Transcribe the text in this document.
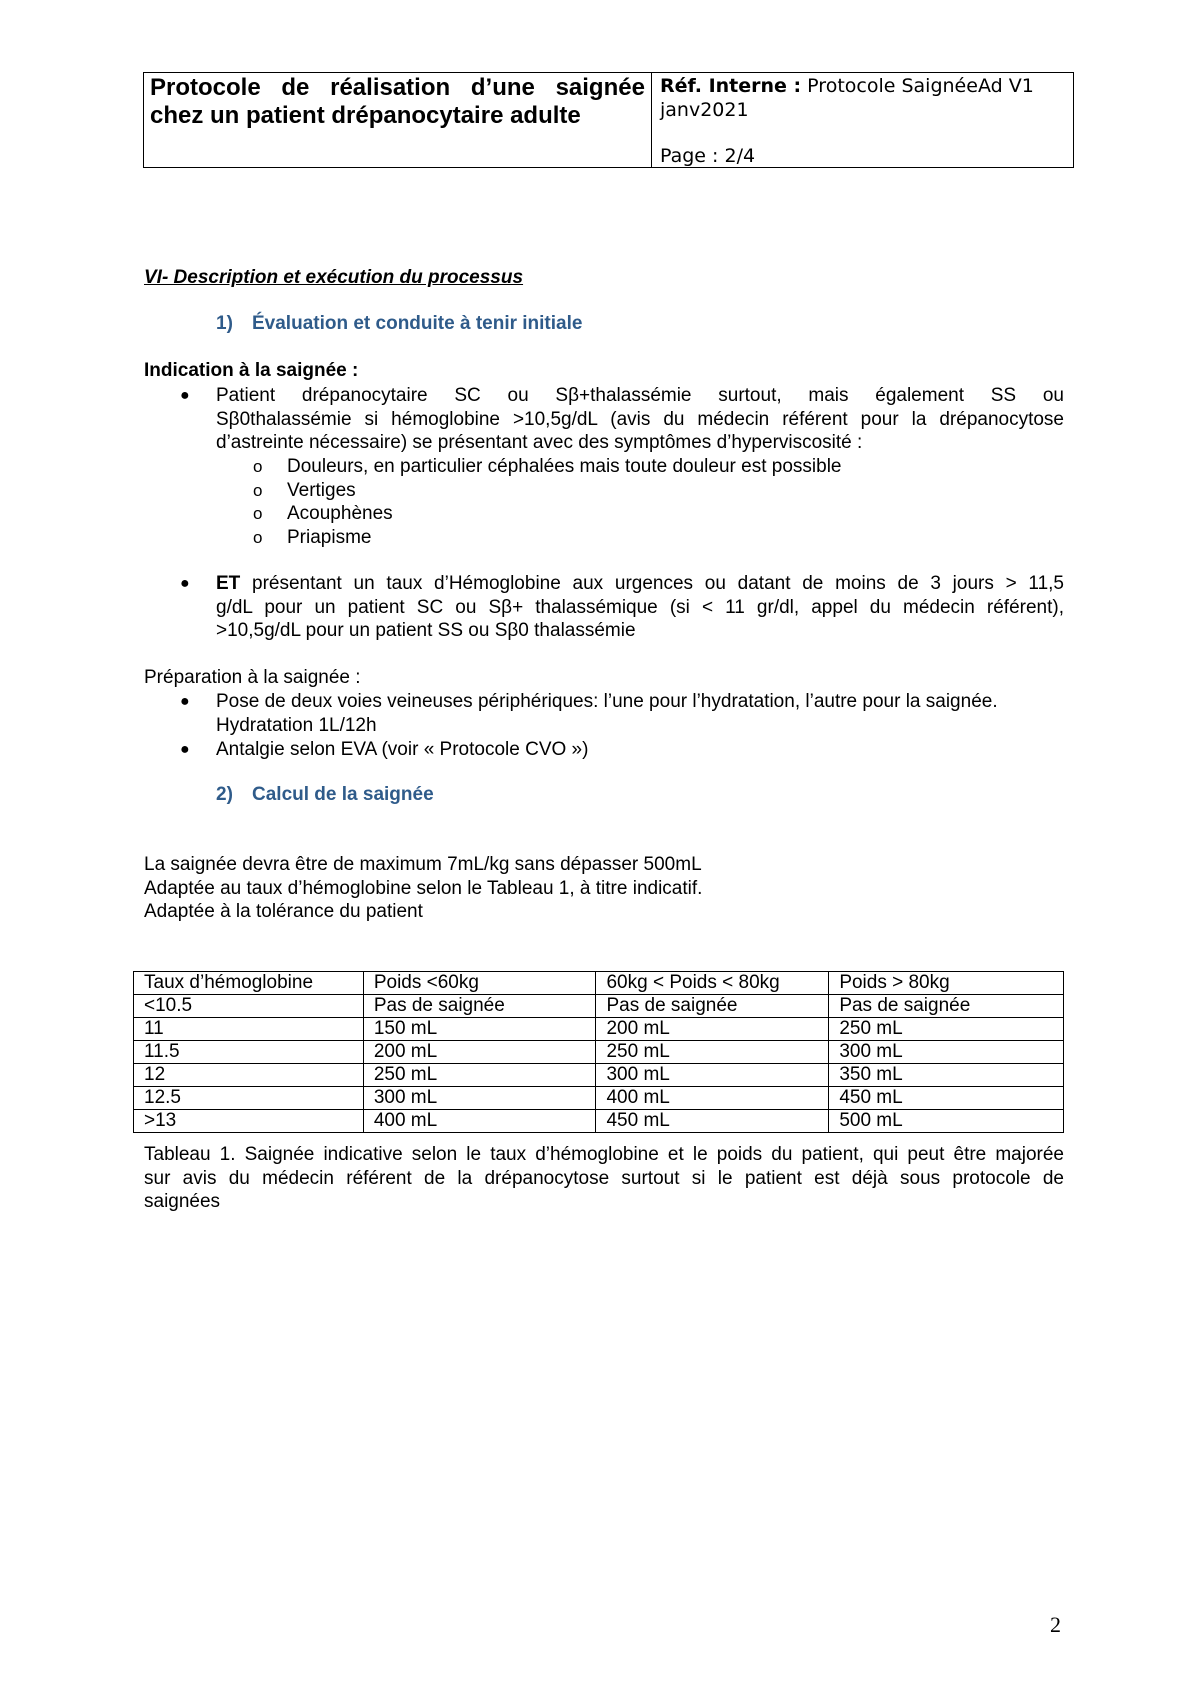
Protocole de réalisation d’une saignée
chez un patient drépanocytaire adulte
Réf. Interne : Protocole SaignéeAd V1
janv2021
Page : 2/4
VI- Description et exécution du processus
1) Évaluation et conduite à tenir initiale
Indication à la saignée :
● Patient drépanocytaire SC ou Sβ+thalassémie surtout, mais également SS ou
Sβ0thalassémie si hémoglobine >10,5g/dL (avis du médecin référent pour la drépanocytose
d’astreinte nécessaire) se présentant avec des symptômes d’hyperviscosité :
o Douleurs, en particulier céphalées mais toute douleur est possible
o Vertiges
o Acouphènes
o Priapisme
● ET présentant un taux d’Hémoglobine aux urgences ou datant de moins de 3 jours > 11,5
g/dL pour un patient SC ou Sβ+ thalassémique (si < 11 gr/dl, appel du médecin référent),
>10,5g/dL pour un patient SS ou Sβ0 thalassémie
Préparation à la saignée :
● Pose de deux voies veineuses périphériques: l’une pour l’hydratation, l’autre pour la saignée.
Hydratation 1L/12h
● Antalgie selon EVA (voir « Protocole CVO »)
2) Calcul de la saignée
La saignée devra être de maximum 7mL/kg sans dépasser 500mL
Adaptée au taux d’hémoglobine selon le Tableau 1, à titre indicatif.
Adaptée à la tolérance du patient
Taux d’hémoglobine	Poids <60kg	60kg < Poids < 80kg	Poids > 80kg
<10.5	Pas de saignée	Pas de saignée	Pas de saignée
11	150 mL	200 mL	250 mL
11.5	200 mL	250 mL	300 mL
12	250 mL	300 mL	350 mL
12.5	300 mL	400 mL	450 mL
>13	400 mL	450 mL	500 mL
Tableau 1. Saignée indicative selon le taux d’hémoglobine et le poids du patient, qui peut être majorée
sur avis du médecin référent de la drépanocytose surtout si le patient est déjà sous protocole de
saignées
2
